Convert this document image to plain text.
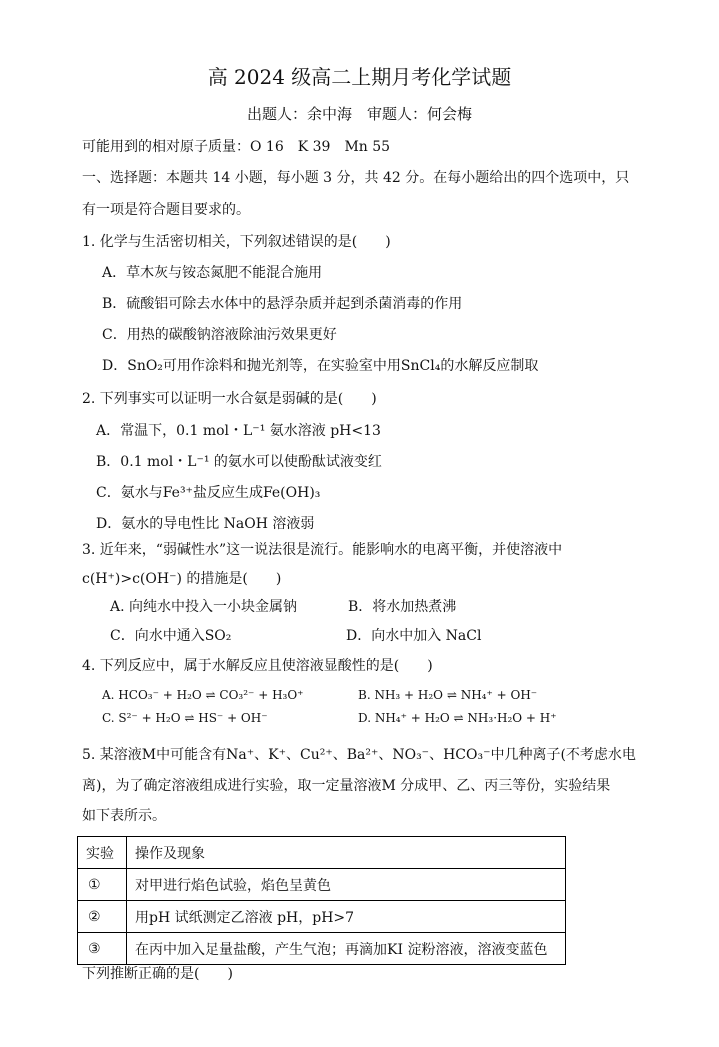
高 2024 级高二上期月考化学试题
出题人：余中海　审题人：何会梅
可能用到的相对原子质量：O 16　K 39　Mn 55
一、选择题：本题共 14 小题，每小题 3 分，共 42 分。在每小题给出的四个选项中，只
有一项是符合题目要求的。
1. 化学与生活密切相关，下列叙述错误的是(　　)
A．草木灰与铵态氮肥不能混合施用
B．硫酸铝可除去水体中的悬浮杂质并起到杀菌消毒的作用
C．用热的碳酸钠溶液除油污效果更好
D．SnO₂可用作涂料和抛光剂等，在实验室中用SnCl₄的水解反应制取
2. 下列事实可以证明一水合氨是弱碱的是(　　)
A．常温下，0.1 mol・L⁻¹ 氨水溶液 pH<13
B．0.1 mol・L⁻¹ 的氨水可以使酚酞试液变红
C．氨水与Fe³⁺盐反应生成Fe(OH)₃
D．氨水的导电性比 NaOH 溶液弱
3. 近年来，“弱碱性水”这一说法很是流行。能影响水的电离平衡，并使溶液中
c(H⁺)>c(OH⁻) 的措施是(　　)
A. 向纯水中投入一小块金属钠	B．将水加热煮沸
C．向水中通入SO₂	D．向水中加入 NaCl
4. 下列反应中，属于水解反应且使溶液显酸性的是(　　)
A. HCO₃⁻ + H₂O ⇌ CO₃²⁻ + H₃O⁺	B. NH₃ + H₂O ⇌ NH₄⁺ + OH⁻
C. S²⁻ + H₂O ⇌ HS⁻ + OH⁻	D. NH₄⁺ + H₂O ⇌ NH₃·H₂O + H⁺
5. 某溶液M中可能含有Na⁺、K⁺、Cu²⁺、Ba²⁺、NO₃⁻、HCO₃⁻中几种离子(不考虑水电
离)，为了确定溶液组成进行实验，取一定量溶液M 分成甲、乙、丙三等份，实验结果
如下表所示。
实验	操作及现象
①	对甲进行焰色试验，焰色呈黄色
②	用pH 试纸测定乙溶液 pH，pH>7
③	在丙中加入足量盐酸，产生气泡；再滴加KI 淀粉溶液，溶液变蓝色
下列推断正确的是(　　)
